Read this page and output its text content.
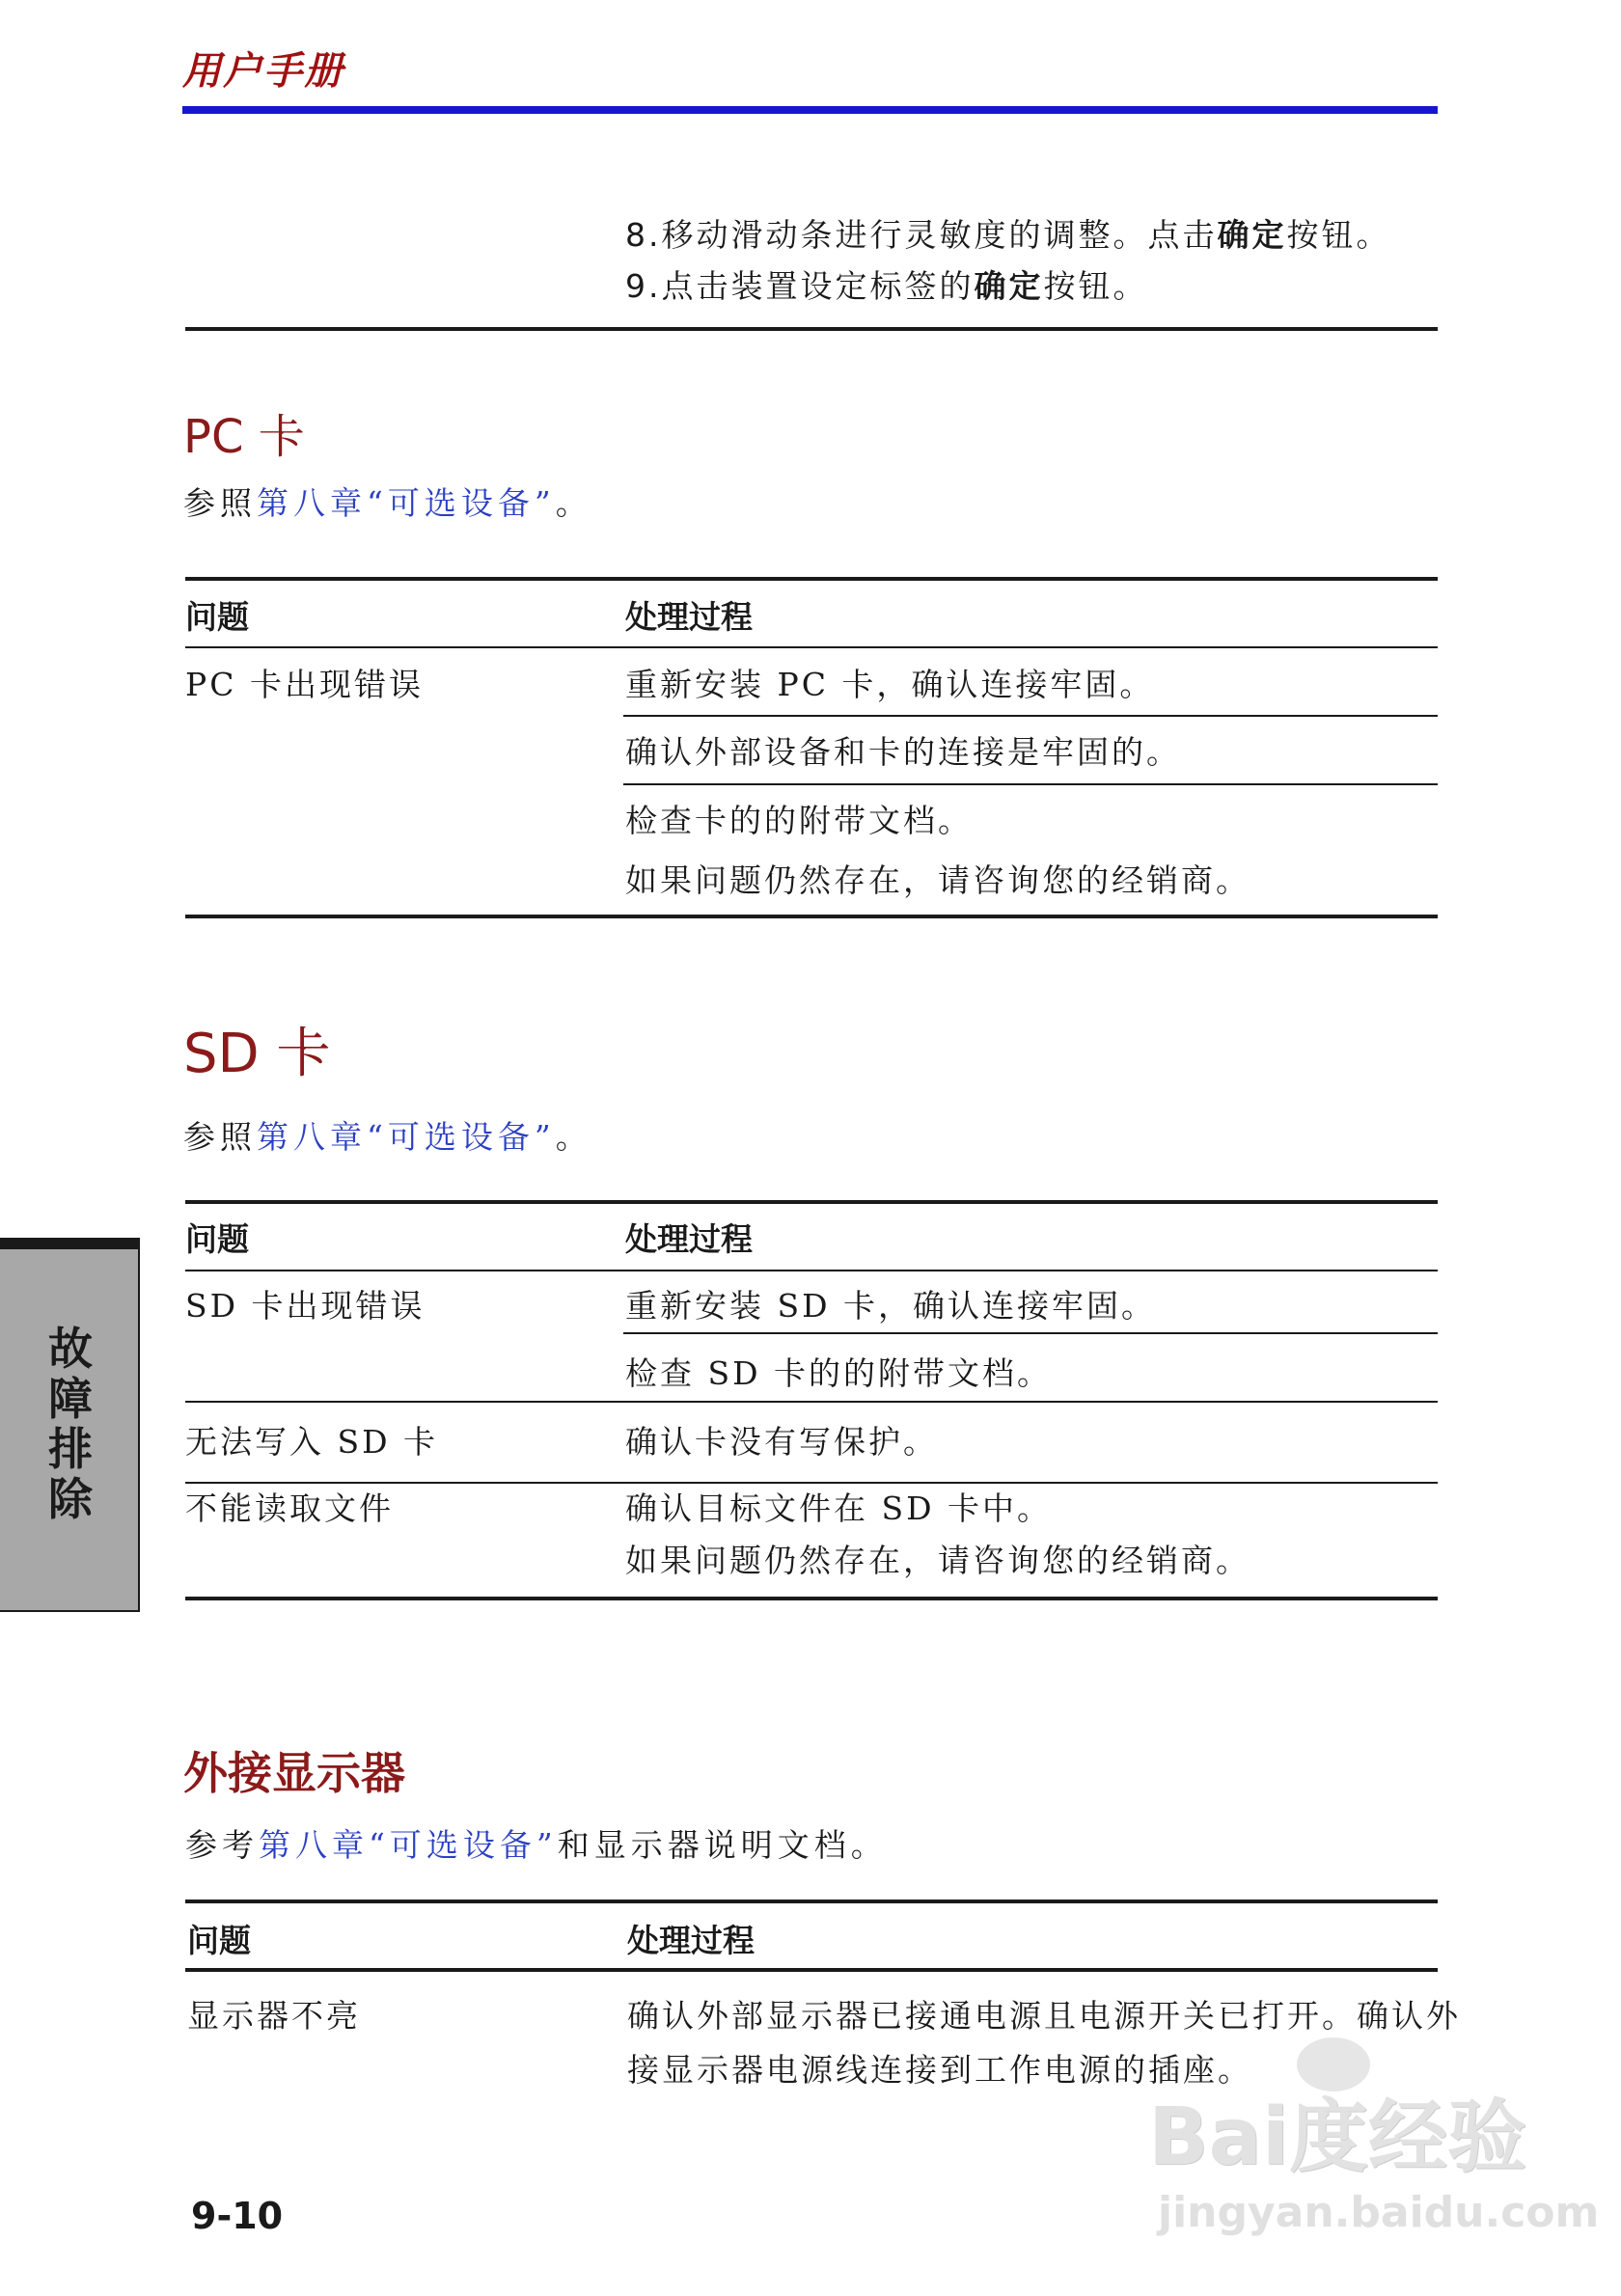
用户手册
8.移动滑动条进行灵敏度的调整。点击确定按钮。
9.点击装置设定标签的确定按钮。
PC 卡
参照第八章“可选设备”。
问题	处理过程
PC 卡出现错误	重新安装 PC 卡，确认连接牢固。
确认外部设备和卡的连接是牢固的。
检查卡的的附带文档。
如果问题仍然存在，请咨询您的经销商。
SD 卡
参照第八章“可选设备”。
问题	处理过程
SD 卡出现错误	重新安装 SD 卡，确认连接牢固。
检查 SD 卡的的附带文档。
无法写入 SD 卡	确认卡没有写保护。
不能读取文件	确认目标文件在 SD 卡中。
如果问题仍然存在，请咨询您的经销商。
故
障
排
除
外接显示器
参考第八章“可选设备”和显示器说明文档。
问题	处理过程
显示器不亮	确认外部显示器已接通电源且电源开关已打开。确认外
接显示器电源线连接到工作电源的插座。
9-10
Bai度经验
jingyan.baidu.com
